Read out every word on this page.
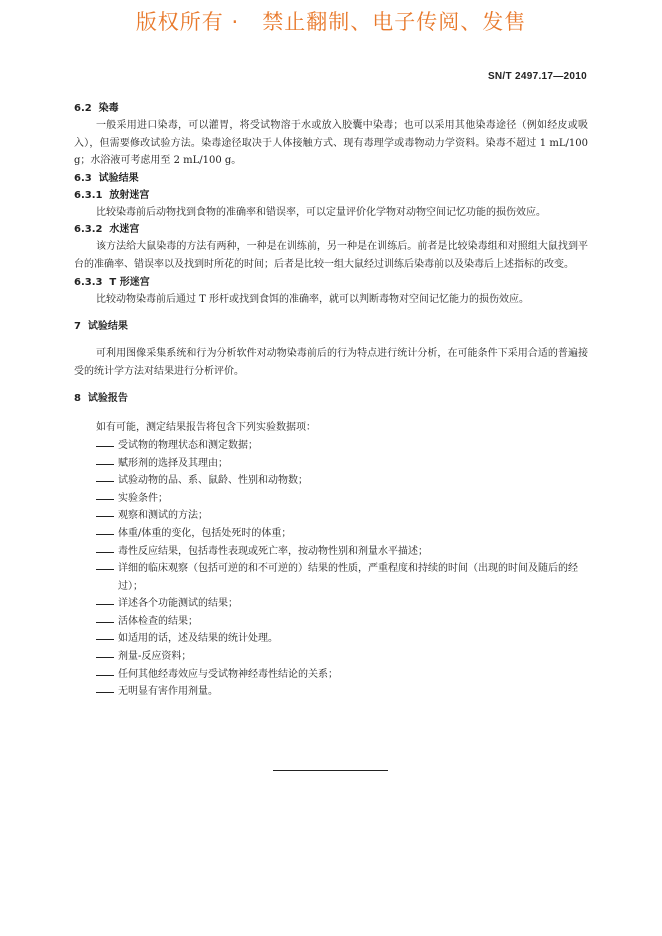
版权所有 ·   禁止翻制、电子传阅、发售
SN/T 2497.17—2010

6.2  染毒

一般采用进口染毒，可以灌胃，将受试物溶于水或放入胶囊中染毒；也可以采用其他染毒途径（例如经皮或吸入），但需要修改试验方法。染毒途径取决于人体接触方式、现有毒理学或毒物动力学资料。染毒不超过 1 mL/100 g；水浴液可考虑用至 2 mL/100 g。

6.3  试验结果

6.3.1  放射迷宫

比较染毒前后动物找到食物的准确率和错误率，可以定量评价化学物对动物空间记忆功能的损伤效应。

6.3.2  水迷宫

该方法给大鼠染毒的方法有两种，一种是在训练前，另一种是在训练后。前者是比较染毒组和对照组大鼠找到平台的准确率、错误率以及找到时所花的时间；后者是比较一组大鼠经过训练后染毒前以及染毒后上述指标的改变。

6.3.3  T 形迷宫

比较动物染毒前后通过 T 形杆或找到食饵的准确率，就可以判断毒物对空间记忆能力的损伤效应。

7  试验结果

可利用图像采集系统和行为分析软件对动物染毒前后的行为特点进行统计分析，在可能条件下采用合适的普遍接受的统计学方法对结果进行分析评价。

8  试验报告

如有可能，测定结果报告将包含下列实验数据项：

受试物的物理状态和测定数据；
赋形剂的选择及其理由；
试验动物的品、系、鼠龄、性别和动物数；
实验条件；
观察和测试的方法；
体重/体重的变化，包括处死时的体重；
毒性反应结果，包括毒性表现或死亡率，按动物性别和剂量水平描述；
详细的临床观察（包括可逆的和不可逆的）结果的性质，严重程度和持续的时间（出现的时间及随后的经过）；
详述各个功能测试的结果；
活体检查的结果；
如适用的话，述及结果的统计处理。
剂量-反应资料；
任何其他经毒效应与受试物神经毒性结论的关系；
无明显有害作用剂量。
